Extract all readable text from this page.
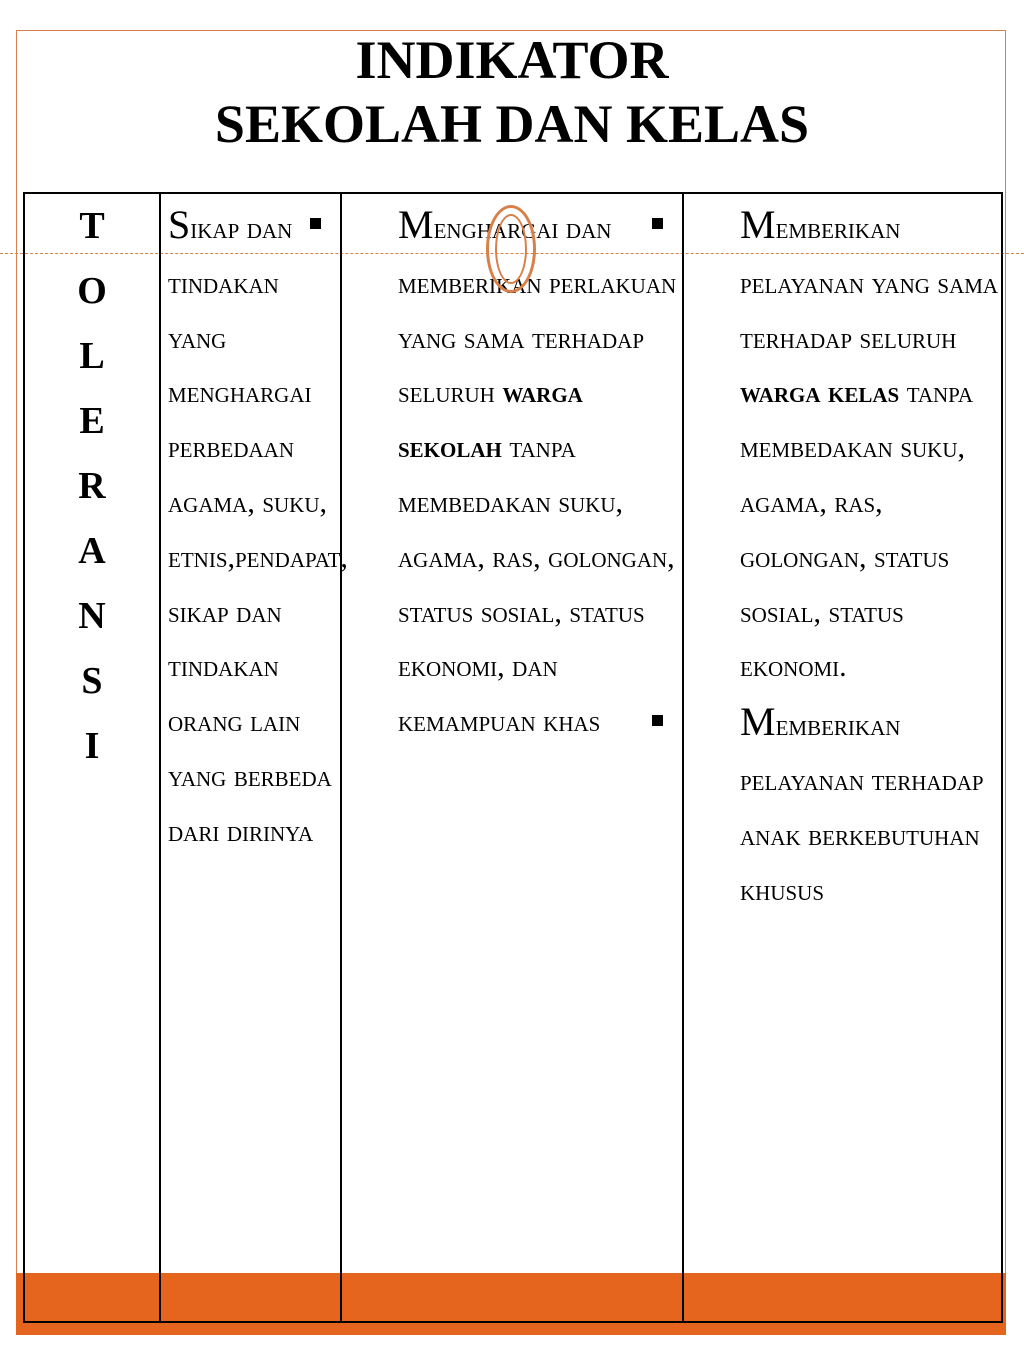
INDIKATOR
SEKOLAH DAN KELAS
T
O
L
E
R
A
N
S
I

Sikap dan tindakan yang menghargai perbedaan agama, suku, etnis,pendapat, sikap dan tindakan orang lain yang berbeda dari dirinya

Menghargai dan memberikan perlakuan yang sama terhadap seluruh warga sekolah tanpa membedakan suku, agama, ras, golongan, status sosial, status ekonomi, dan kemampuan khas

Memberikan pelayanan yang sama terhadap seluruh warga kelas tanpa membedakan suku, agama, ras, golongan, status sosial, status ekonomi.
Memberikan pelayanan terhadap anak berkebutuhan khusus
